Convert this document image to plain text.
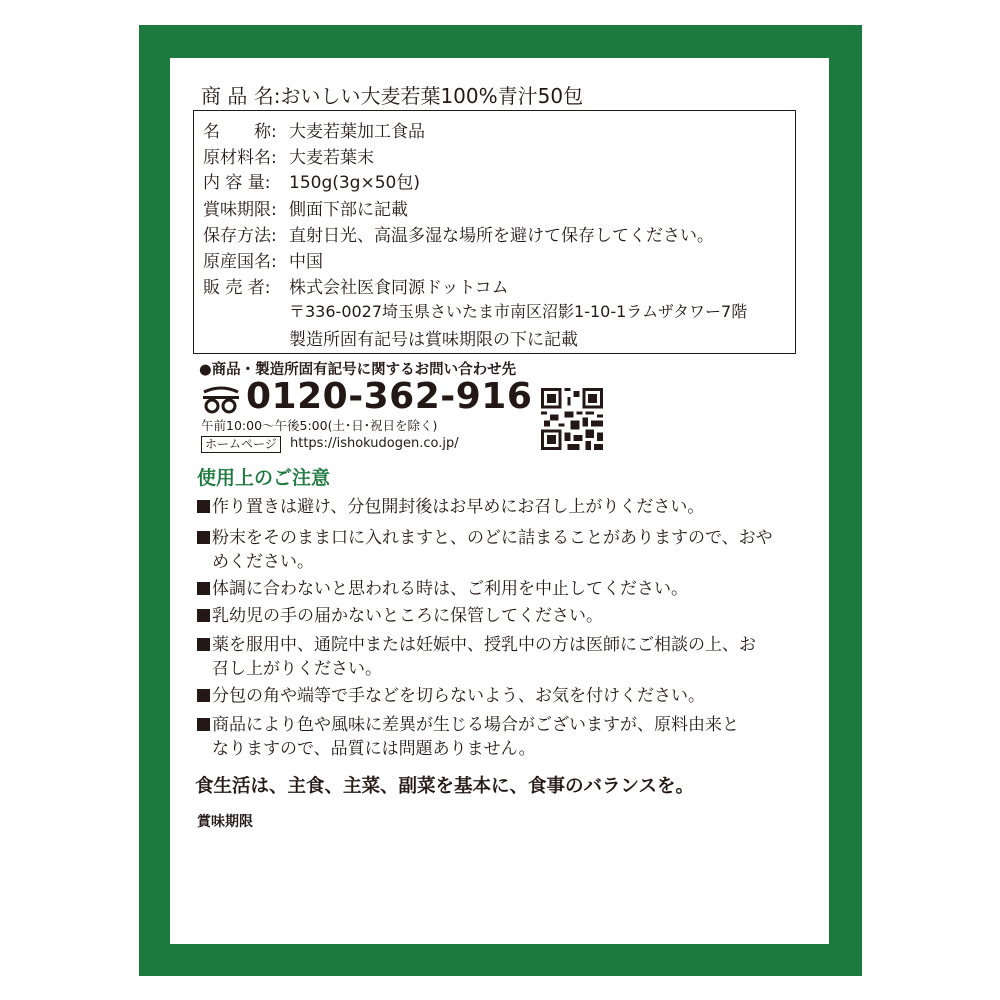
商 品 名:おいしい大麦若葉100%青汁50包
名　　称: 大麦若葉加工食品
原材料名: 大麦若葉末
内 容 量: 150g(3g×50包)
賞味期限: 側面下部に記載
保存方法: 直射日光、高温多湿な場所を避けて保存してください。
原産国名: 中国
販 売 者: 株式会社医食同源ドットコム
〒336-0027埼玉県さいたま市南区沼影1-10-1ラムザタワー7階
製造所固有記号は賞味期限の下に記載
●商品・製造所固有記号に関するお問い合わせ先
0120-362-916
午前10:00～午後5:00(土･日･祝日を除く)
ホームページ	https://ishokudogen.co.jp/
使用上のご注意
作り置きは避け、分包開封後はお早めにお召し上がりください。
粉末をそのまま口に入れますと、のどに詰まることがありますので、おや
めください。
体調に合わないと思われる時は、ご利用を中止してください。
乳幼児の手の届かないところに保管してください。
薬を服用中、通院中または妊娠中、授乳中の方は医師にご相談の上、お
召し上がりください。
分包の角や端等で手などを切らないよう、お気を付けください。
商品により色や風味に差異が生じる場合がございますが、原料由来と
なりますので、品質には問題ありません。
食生活は、主食、主菜、副菜を基本に、食事のバランスを。
賞味期限
